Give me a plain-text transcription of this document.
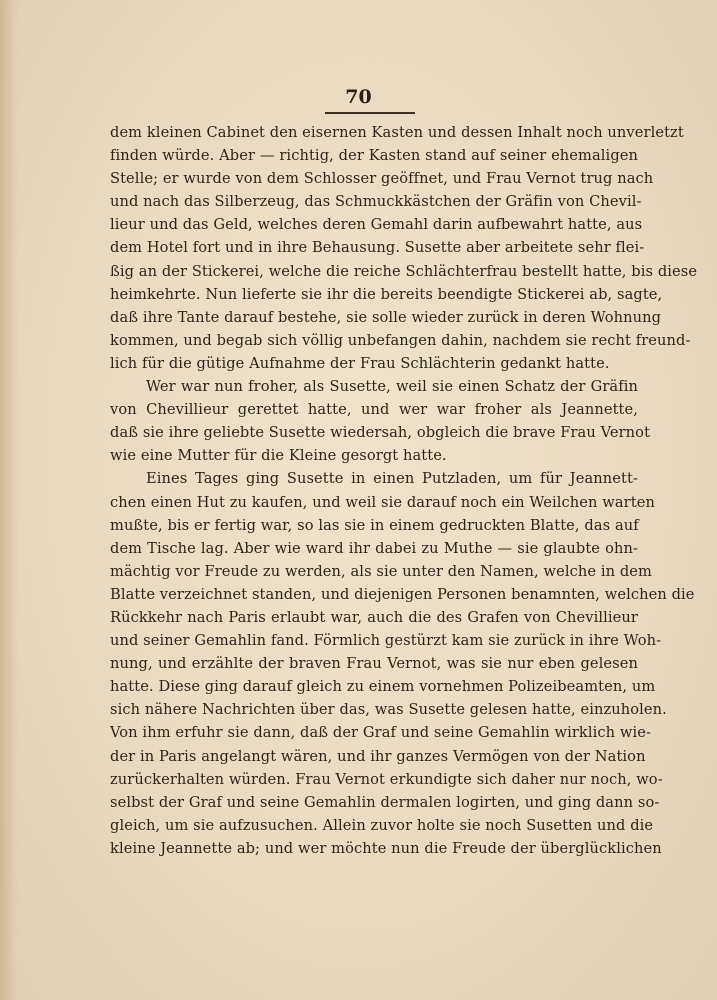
70
dem kleinen Cabinet den eisernen Kasten und dessen Inhalt noch unverletzt
finden würde. Aber — richtig, der Kasten stand auf seiner ehemaligen
Stelle; er wurde von dem Schlosser geöffnet, und Frau Vernot trug nach
und nach das Silberzeug, das Schmuckkästchen der Gräfin von Chevil-
lieur und das Geld, welches deren Gemahl darin aufbewahrt hatte, aus
dem Hotel fort und in ihre Behausung. Susette aber arbeitete sehr flei-
ßig an der Stickerei, welche die reiche Schlächterfrau bestellt hatte, bis diese
heimkehrte. Nun lieferte sie ihr die bereits beendigte Stickerei ab, sagte,
daß ihre Tante darauf bestehe, sie solle wieder zurück in deren Wohnung
kommen, und begab sich völlig unbefangen dahin, nachdem sie recht freund-
lich für die gütige Aufnahme der Frau Schlächterin gedankt hatte.
Wer war nun froher, als Susette, weil sie einen Schatz der Gräfin
von Chevillieur gerettet hatte, und wer war froher als Jeannette,
daß sie ihre geliebte Susette wiedersah, obgleich die brave Frau Vernot
wie eine Mutter für die Kleine gesorgt hatte.
Eines Tages ging Susette in einen Putzladen, um für Jeannett-
chen einen Hut zu kaufen, und weil sie darauf noch ein Weilchen warten
mußte, bis er fertig war, so las sie in einem gedruckten Blatte, das auf
dem Tische lag. Aber wie ward ihr dabei zu Muthe — sie glaubte ohn-
mächtig vor Freude zu werden, als sie unter den Namen, welche in dem
Blatte verzeichnet standen, und diejenigen Personen benamnten, welchen die
Rückkehr nach Paris erlaubt war, auch die des Grafen von Chevillieur
und seiner Gemahlin fand. Förmlich gestürzt kam sie zurück in ihre Woh-
nung, und erzählte der braven Frau Vernot, was sie nur eben gelesen
hatte. Diese ging darauf gleich zu einem vornehmen Polizeibeamten, um
sich nähere Nachrichten über das, was Susette gelesen hatte, einzuholen.
Von ihm erfuhr sie dann, daß der Graf und seine Gemahlin wirklich wie-
der in Paris angelangt wären, und ihr ganzes Vermögen von der Nation
zurückerhalten würden. Frau Vernot erkundigte sich daher nur noch, wo-
selbst der Graf und seine Gemahlin dermalen logirten, und ging dann so-
gleich, um sie aufzusuchen. Allein zuvor holte sie noch Susetten und die
kleine Jeannette ab; und wer möchte nun die Freude der überglücklichen
